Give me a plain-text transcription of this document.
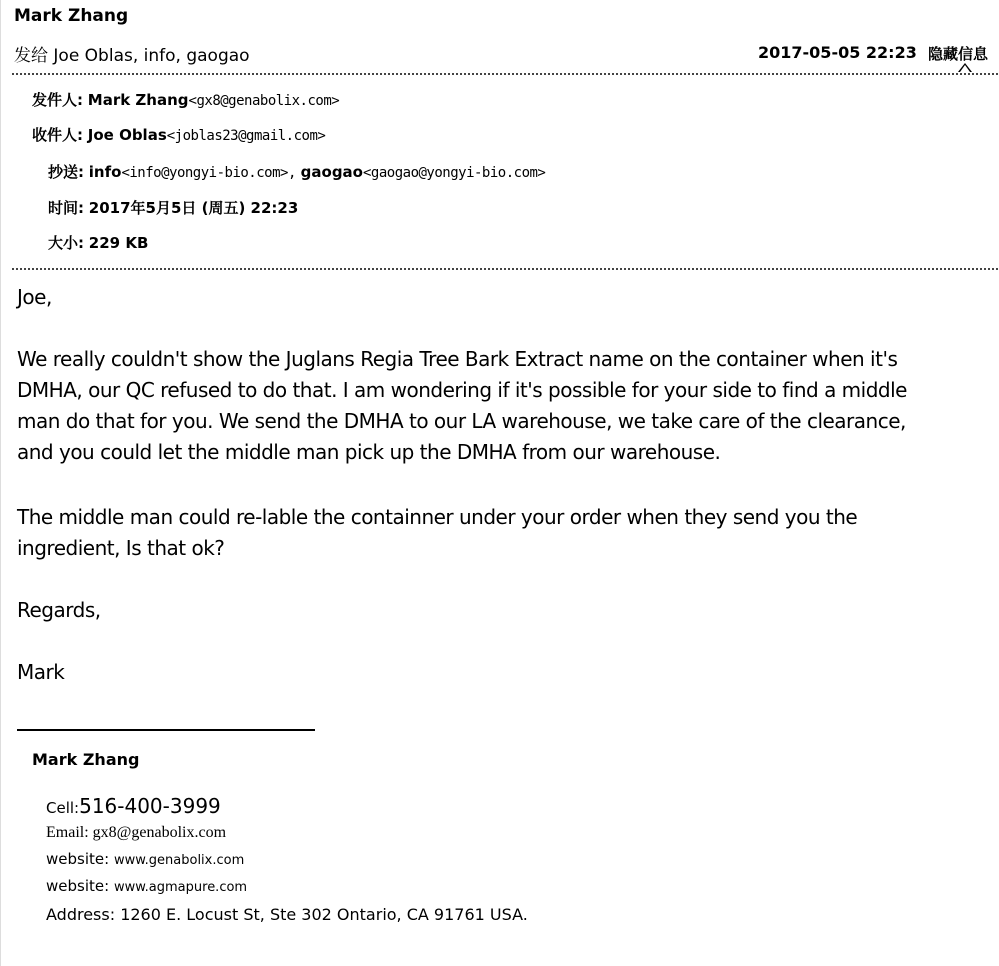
Mark Zhang
发给 Joe Oblas, info, gaogao	2017-05-05 22:23 隐藏信息
发件人: Mark Zhang<gx8@genabolix.com>
收件人: Joe Oblas<joblas23@gmail.com>
抄送: info<info@yongyi-bio.com>, gaogao<gaogao@yongyi-bio.com>
时间: 2017年5月5日 (周五) 22:23
大小: 229 KB
Joe,
We really couldn't show the Juglans Regia Tree Bark Extract name on the container when it's
DMHA, our QC refused to do that. I am wondering if it's possible for your side to find a middle
man do that for you. We send the DMHA to our LA warehouse, we take care of the clearance,
and you could let the middle man pick up the DMHA from our warehouse.
The middle man could re-lable the containner under your order when they send you the
ingredient, Is that ok?
Regards,
Mark
Mark Zhang
Cell:516-400-3999
Email: gx8@genabolix.com
website: www.genabolix.com
website: www.agmapure.com
Address: 1260 E. Locust St, Ste 302 Ontario, CA 91761 USA.
